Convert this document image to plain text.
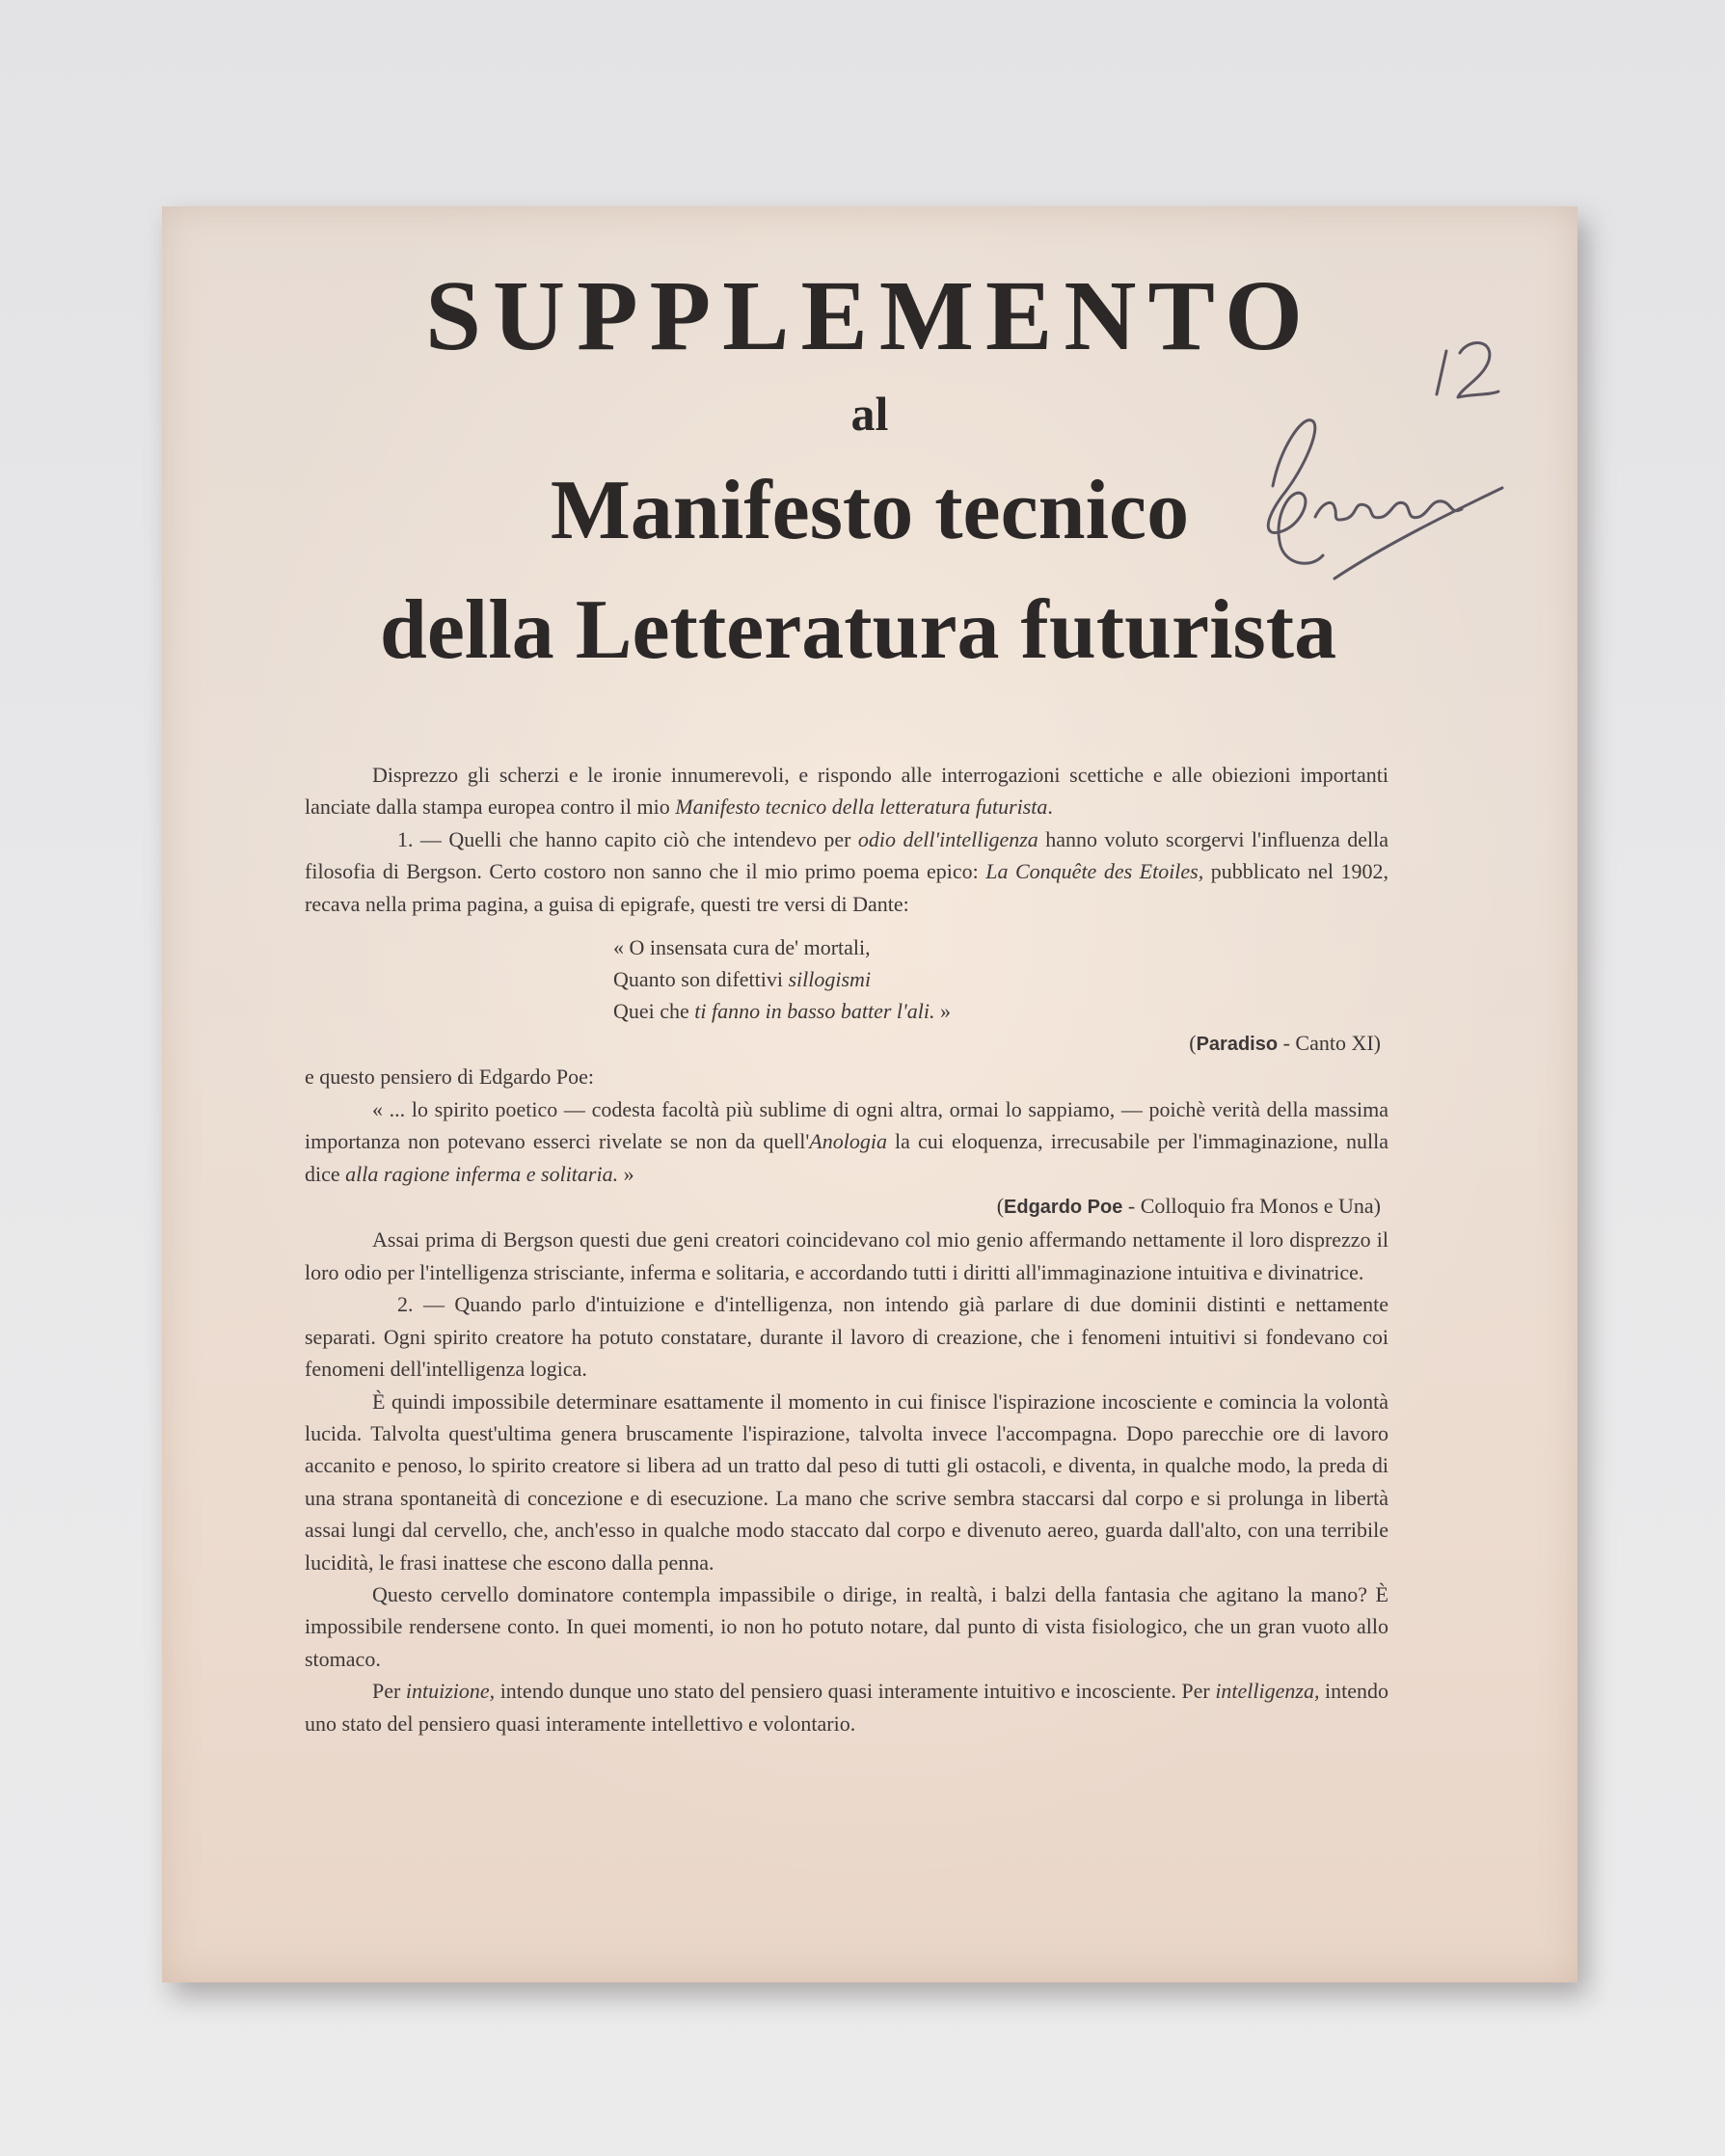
SUPPLEMENTO
al
Manifesto tecnico
della Letteratura futurista

Disprezzo gli scherzi e le ironie innumerevoli, e rispondo alle interrogazioni scettiche e alle obiezioni importanti lanciate dalla stampa europea contro il mio Manifesto tecnico della letteratura futurista.

1. — Quelli che hanno capito ciò che intendevo per odio dell'intelligenza hanno voluto scorgervi l'influenza della filosofia di Bergson. Certo costoro non sanno che il mio primo poema epico: La Conquête des Etoiles, pubblicato nel 1902, recava nella prima pagina, a guisa di epigrafe, questi tre versi di Dante:

« O insensata cura de' mortali,
Quanto son difettivi sillogismi
Quei che ti fanno in basso batter l'ali. »

(Paradiso - Canto XI)

e questo pensiero di Edgardo Poe:

« ... lo spirito poetico — codesta facoltà più sublime di ogni altra, ormai lo sappiamo, — poichè verità della massima importanza non potevano esserci rivelate se non da quell'Anologia la cui eloquenza, irrecusabile per l'immaginazione, nulla dice alla ragione inferma e solitaria. »

(Edgardo Poe - Colloquio fra Monos e Una)

Assai prima di Bergson questi due geni creatori coincidevano col mio genio affermando nettamente il loro disprezzo il loro odio per l'intelligenza strisciante, inferma e solitaria, e accordando tutti i diritti all'immaginazione intuitiva e divinatrice.

2. — Quando parlo d'intuizione e d'intelligenza, non intendo già parlare di due dominii distinti e nettamente separati. Ogni spirito creatore ha potuto constatare, durante il lavoro di creazione, che i fenomeni intuitivi si fondevano coi fenomeni dell'intelligenza logica.

È quindi impossibile determinare esattamente il momento in cui finisce l'ispirazione incosciente e comincia la volontà lucida. Talvolta quest'ultima genera bruscamente l'ispirazione, talvolta invece l'accompagna. Dopo parecchie ore di lavoro accanito e penoso, lo spirito creatore si libera ad un tratto dal peso di tutti gli ostacoli, e diventa, in qualche modo, la preda di una strana spontaneità di concezione e di esecuzione. La mano che scrive sembra staccarsi dal corpo e si prolunga in libertà assai lungi dal cervello, che, anch'esso in qualche modo staccato dal corpo e divenuto aereo, guarda dall'alto, con una terribile lucidità, le frasi inattese che escono dalla penna.

Questo cervello dominatore contempla impassibile o dirige, in realtà, i balzi della fantasia che agitano la mano? È impossibile rendersene conto. In quei momenti, io non ho potuto notare, dal punto di vista fisiologico, che un gran vuoto allo stomaco.

Per intuizione, intendo dunque uno stato del pensiero quasi interamente intuitivo e incosciente. Per intelligenza, intendo uno stato del pensiero quasi interamente intellettivo e volontario.
